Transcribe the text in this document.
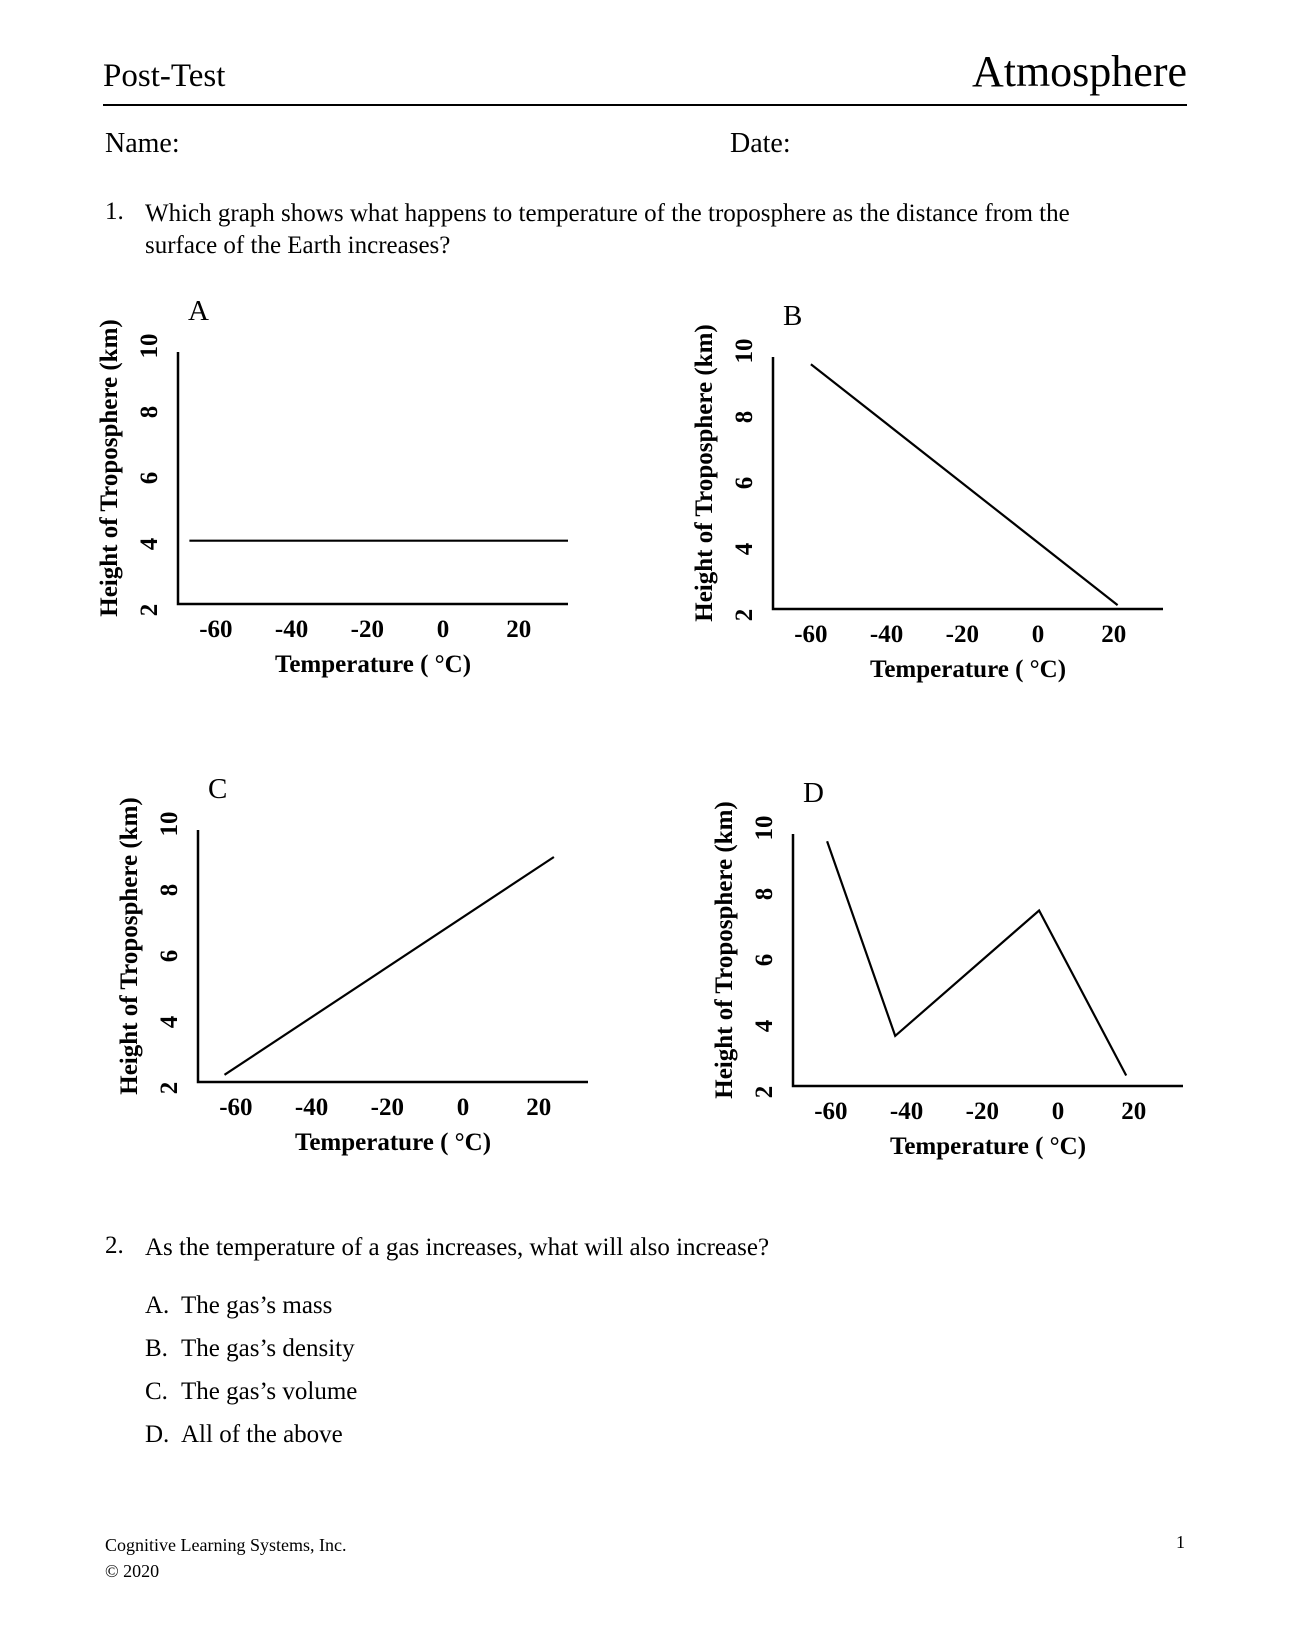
Post-Test	Atmosphere
Name:	Date:
1. Which graph shows what happens to temperature of the troposphere as the distance from the surface of the Earth increases?
A
Height of Troposphere (km) 2
4
6
8
10
-60 -40 -20 0 20
Temperature ( °C)
B
Height of Troposphere (km) 2
4
6
8
10
-60 -40 -20 0 20
Temperature ( °C)
C
Height of Troposphere (km) 2
4
6
8
10
-60 -40 -20 0 20
Temperature ( °C)
D
Height of Troposphere (km) 2
4
6
8
10
-60 -40 -20 0 20
Temperature ( °C)
2. As the temperature of a gas increases, what will also increase?
A. The gas’s mass
B. The gas’s density
C. The gas’s volume
D. All of the above
Cognitive Learning Systems, Inc.
© 2020
1
